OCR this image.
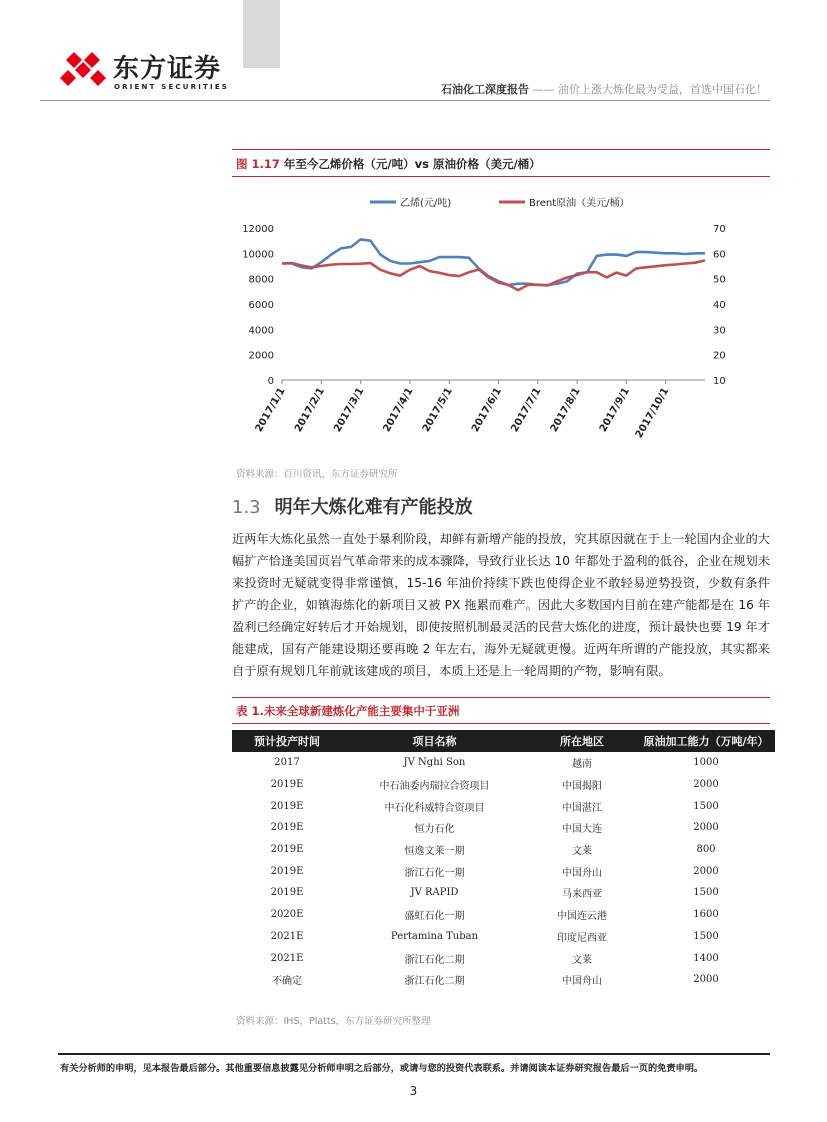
东方证券
ORIENT SECURITIES	石油化工深度报告 —— 油价上涨大炼化最为受益，首选中国石化！
图 1.17 年至今乙烯价格（元/吨）vs 原油价格（美元/桶）
乙烯(元/吨)	Brent原油（美元/桶）
0
2000
4000
6000
8000
10000
12000
10
20
30
40
50
60
70
2017/1/1 2017/2/1 2017/3/1 2017/4/1 2017/5/1 2017/6/1 2017/7/1 2017/8/1 2017/9/1 2017/10/1
资料来源：百川资讯，东方证券研究所
1.3 明年大炼化难有产能投放
近两年大炼化虽然一直处于暴利阶段，却鲜有新增产能的投放，究其原因就在于上一轮国内企业的大幅扩产恰逢美国页岩气革命带来的成本骤降，导致行业长达 10 年都处于盈利的低谷，企业在规划未来投资时无疑就变得非常谨慎，15-16 年油价持续下跌也使得企业不敢轻易逆势投资，少数有条件扩产的企业，如镇海炼化的新项目又被 PX 拖累而难产。因此大多数国内目前在建产能都是在 16 年盈利已经确定好转后才开始规划，即使按照机制最灵活的民营大炼化的进度，预计最快也要 19 年才能建成，国有产能建设期还要再晚 2 年左右，海外无疑就更慢。近两年所谓的产能投放，其实都来自于原有规划几年前就该建成的项目，本质上还是上一轮周期的产物，影响有限。
表 1.未来全球新建炼化产能主要集中于亚洲
预计投产时间	项目名称	所在地区	原油加工能力（万吨/年）
2017	JV Nghi Son	越南	1000
2019E	中石油委内瑞拉合资项目	中国揭阳	2000
2019E	中石化科威特合资项目	中国湛江	1500
2019E	恒力石化	中国大连	2000
2019E	恒逸文莱一期	文莱	800
2019E	浙江石化一期	中国舟山	2000
2019E	JV RAPID	马来西亚	1500
2020E	盛虹石化一期	中国连云港	1600
2021E	Pertamina Tuban	印度尼西亚	1500
2021E	浙江石化二期	文莱	1400
不确定	浙江石化二期	中国舟山	2000
资料来源：IHS，Platts，东方证券研究所整理
有关分析师的申明，见本报告最后部分。其他重要信息披露见分析师申明之后部分，或请与您的投资代表联系。并请阅读本证券研究报告最后一页的免责申明。
3
